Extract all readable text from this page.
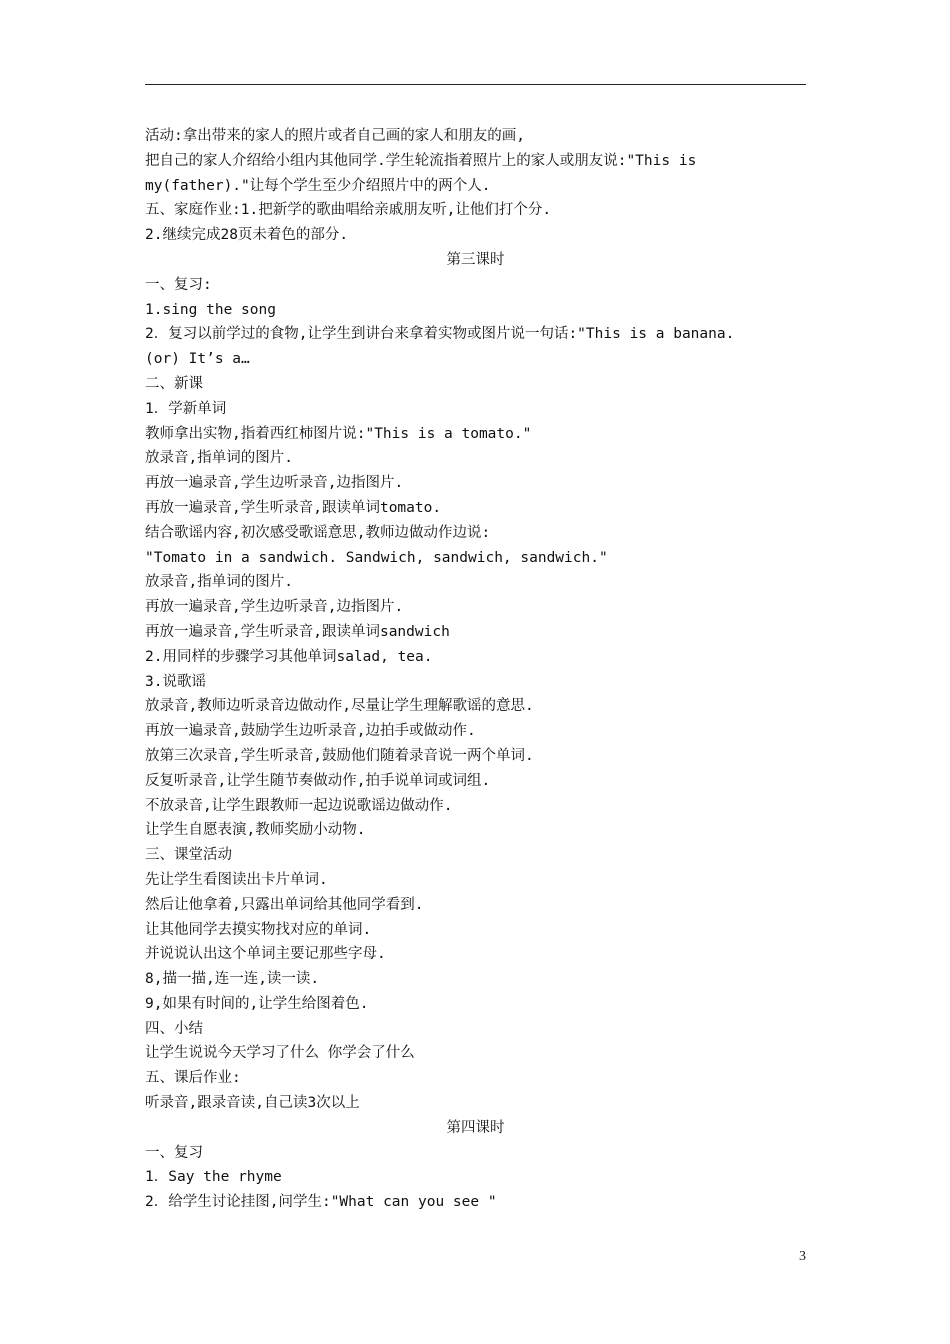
活动:拿出带来的家人的照片或者自己画的家人和朋友的画,
把自己的家人介绍给小组内其他同学.学生轮流指着照片上的家人或朋友说:"This is
my(father)."让每个学生至少介绍照片中的两个人.
五、家庭作业:1.把新学的歌曲唱给亲戚朋友听,让他们打个分.
2.继续完成28页未着色的部分.
第三课时
一、复习:
1.sing the song
2．复习以前学过的食物,让学生到讲台来拿着实物或图片说一句话:"This is a banana.
(or) It’s a…
二、新课
1．学新单词
教师拿出实物,指着西红柿图片说:"This is a tomato."
放录音,指单词的图片.
再放一遍录音,学生边听录音,边指图片.
再放一遍录音,学生听录音,跟读单词tomato.
结合歌谣内容,初次感受歌谣意思,教师边做动作边说:
"Tomato in a sandwich. Sandwich, sandwich, sandwich."
放录音,指单词的图片.
再放一遍录音,学生边听录音,边指图片.
再放一遍录音,学生听录音,跟读单词sandwich
2.用同样的步骤学习其他单词salad, tea.
3.说歌谣
放录音,教师边听录音边做动作,尽量让学生理解歌谣的意思.
再放一遍录音,鼓励学生边听录音,边拍手或做动作.
放第三次录音,学生听录音,鼓励他们随着录音说一两个单词.
反复听录音,让学生随节奏做动作,拍手说单词或词组.
不放录音,让学生跟教师一起边说歌谣边做动作.
让学生自愿表演,教师奖励小动物.
三、课堂活动
先让学生看图读出卡片单词.
然后让他拿着,只露出单词给其他同学看到.
让其他同学去摸实物找对应的单词.
并说说认出这个单词主要记那些字母.
8,描一描,连一连,读一读.
9,如果有时间的,让学生给图着色.
四、小结
让学生说说今天学习了什么 你学会了什么
五、课后作业:
听录音,跟录音读,自己读3次以上
第四课时
一、复习
1．Say the rhyme
2．给学生讨论挂图,问学生:"What can you see "
3
